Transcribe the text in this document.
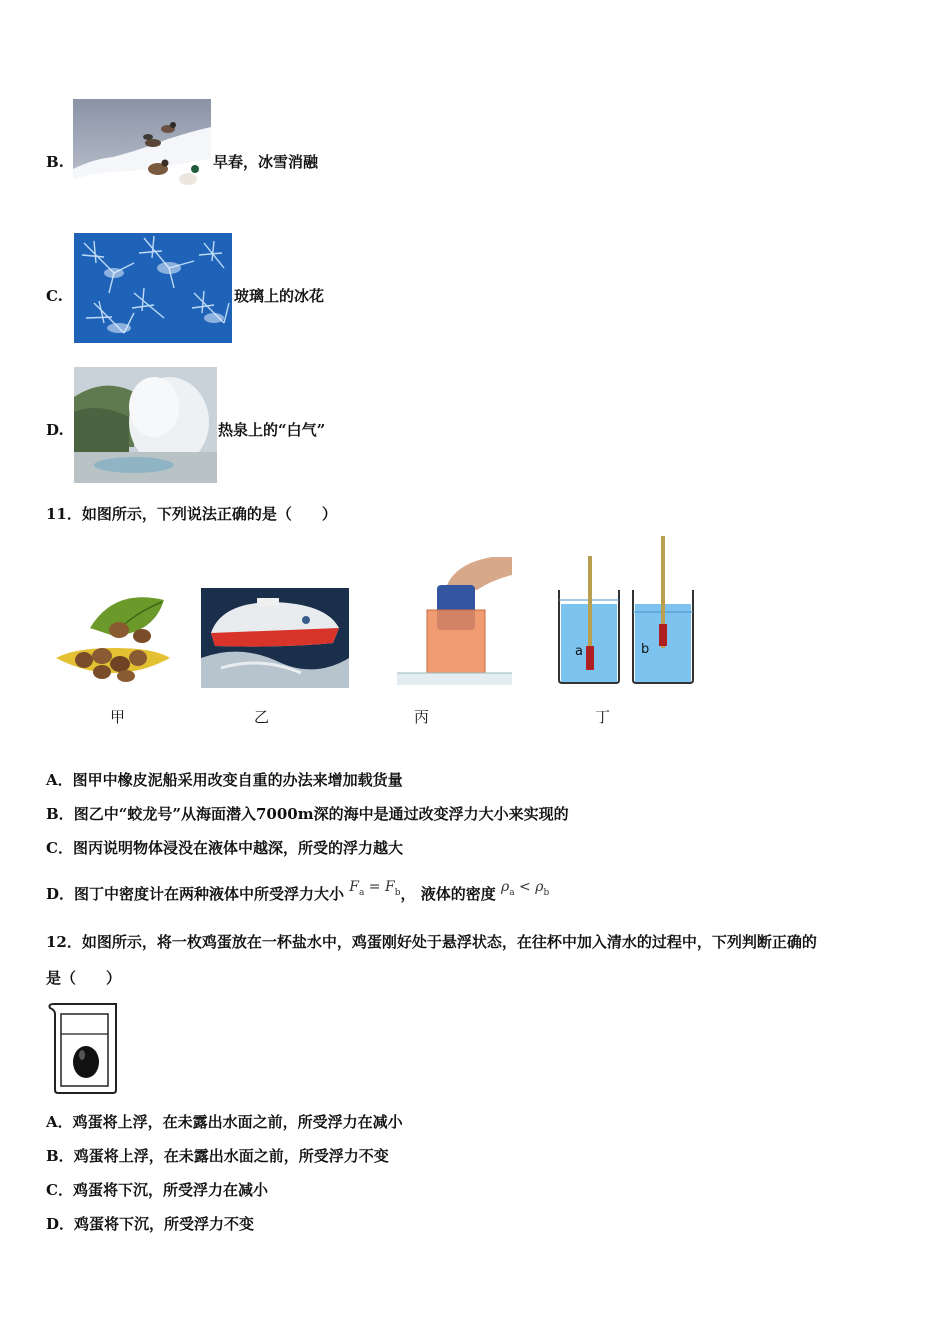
B.	早春，冰雪消融
C.	玻璃上的冰花
D.	热泉上的“白气”
11．如图所示，下列说法正确的是（　　）
甲	乙	丙
a	b
丁
A．图甲中橡皮泥船采用改变自重的办法来增加载货量
B．图乙中“蛟龙号”从海面潜入7000m深的海中是通过改变浮力大小来实现的
C．图丙说明物体浸没在液体中越深，所受的浮力越大
D．图丁中密度计在两种液体中所受浮力大小 $F_a = F_b$， 液体的密度 $\rho_a < \rho_b$
12．如图所示，将一枚鸡蛋放在一杯盐水中，鸡蛋刚好处于悬浮状态，在往杯中加入清水的过程中，下列判断正确的
是（　　）
A．鸡蛋将上浮，在未露出水面之前，所受浮力在减小
B．鸡蛋将上浮，在未露出水面之前，所受浮力不变
C．鸡蛋将下沉，所受浮力在减小
D．鸡蛋将下沉，所受浮力不变
